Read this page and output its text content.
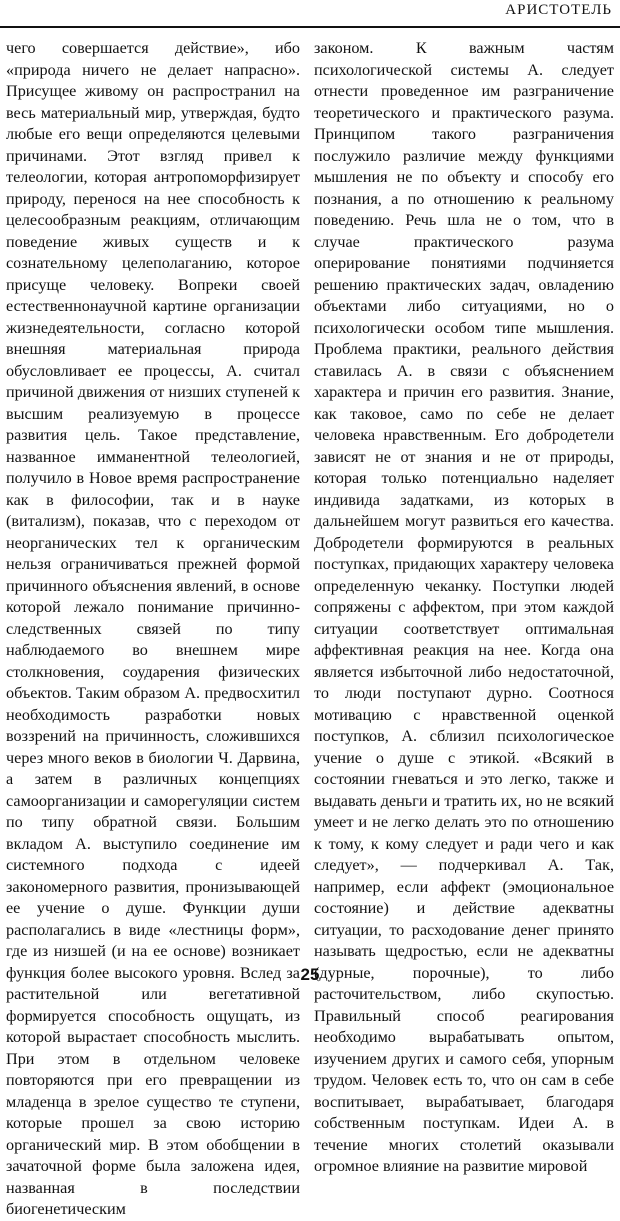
АРИСТОТЕЛЬ

чего совершается действие», ибо «природа ничего не делает напрасно». Присущее живому он распространил на весь материальный мир, утверждая, будто любые его вещи определяются целевыми причинами. Этот взгляд привел к телеологии, которая антропоморфизирует природу, перенося на нее способность к целесообразным реакциям, отличающим поведение живых существ и к сознательному целеполаганию, которое присуще человеку. Вопреки своей естественнонаучной картине организации жизнедеятельности, согласно которой внешняя материальная природа обусловливает ее процессы, А. считал причиной движения от низших ступеней к высшим реализуемую в процессе развития цель. Такое представление, названное имманентной телеологией, получило в Новое время распространение как в философии, так и в науке (витализм), показав, что с переходом от неорганических тел к органическим нельзя ограничиваться прежней формой причинного объяснения явлений, в основе которой лежало понимание причинно-следственных связей по типу наблюдаемого во внешнем мире столкновения, соударения физических объектов. Таким образом А. предвосхитил необходимость разработки новых воззрений на причинность, сложившихся через много веков в биологии Ч. Дарвина, а затем в различных концепциях самоорганизации и саморегуляции систем по типу обратной связи. Большим вкладом А. выступило соединение им системного подхода с идеей закономерного развития, пронизывающей ее учение о душе. Функции души располагались в виде «лестницы форм», где из низшей (и на ее основе) возникает функция более высокого уровня. Вслед за растительной или вегетативной формируется способность ощущать, из которой вырастает способность мыслить. При этом в отдельном человеке повторяются при его превращении из младенца в зрелое существо те ступени, которые прошел за свою историю органический мир. В этом обобщении в зачаточной форме была заложена идея, названная в последствии биогенетическим

законом. К важным частям психологической системы А. следует отнести проведенное им разграничение теоретического и практического разума. Принципом такого разграничения послужило различие между функциями мышления не по объекту и способу его познания, а по отношению к реальному поведению. Речь шла не о том, что в случае практического разума оперирование понятиями подчиняется решению практических задач, овладению объектами либо ситуациями, но о психологически особом типе мышления. Проблема практики, реального действия ставилась А. в связи с объяснением характера и причин его развития. Знание, как таковое, само по себе не делает человека нравственным. Его добродетели зависят не от знания и не от природы, которая только потенциально наделяет индивида задатками, из которых в дальнейшем могут развиться его качества. Добродетели формируются в реальных поступках, придающих характеру человека определенную чеканку. Поступки людей сопряжены с аффектом, при этом каждой ситуации соответствует оптимальная аффективная реакция на нее. Когда она является избыточной либо недостаточной, то люди поступают дурно. Соотнося мотивацию с нравственной оценкой поступков, А. сблизил психологическое учение о душе с этикой. «Всякий в состоянии гневаться и это легко, также и выдавать деньги и тратить их, но не всякий умеет и не легко делать это по отношению к тому, к кому следует и ради чего и как следует», — подчеркивал А. Так, например, если аффект (эмоциональное состояние) и действие адекватны ситуации, то расходование денег принято называть щедростью, если не адекватны (дурные, порочные), то либо расточительством, либо скупостью. Правильный способ реагирования необходимо вырабатывать опытом, изучением других и самого себя, упорным трудом. Человек есть то, что он сам в себе воспитывает, вырабатывает, благодаря собственным поступкам. Идеи А. в течение многих столетий оказывали огромное влияние на развитие мировой

25
